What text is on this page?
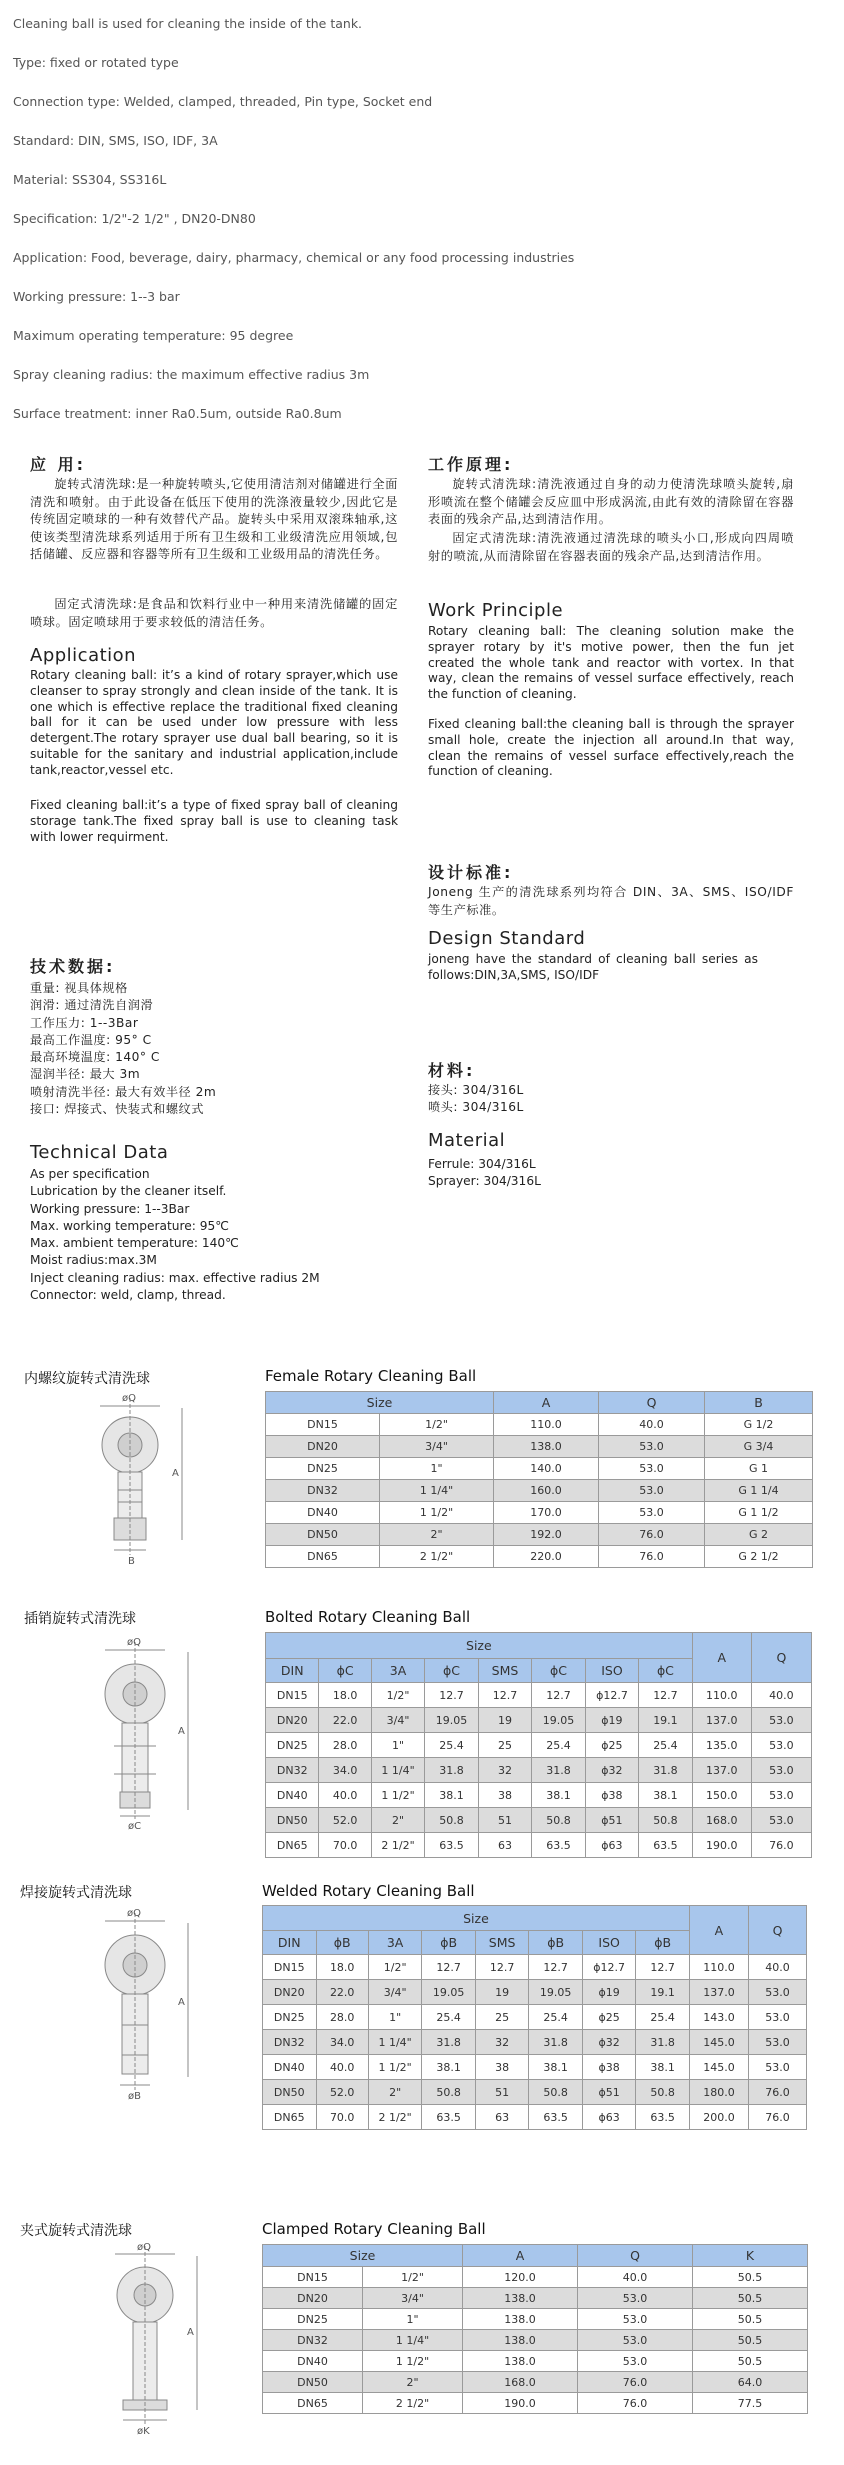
Cleaning ball is used for cleaning the inside of the tank.
Type: fixed or rotated type
Connection type: Welded, clamped, threaded, Pin type, Socket end
Standard: DIN, SMS, ISO, IDF, 3A
Material: SS304, SS316L
Specification: 1/2"-2 1/2" , DN20-DN80
Application: Food, beverage, dairy, pharmacy, chemical or any food processing industries
Working pressure: 1--3 bar
Maximum operating temperature: 95 degree
Spray cleaning radius: the maximum effective radius 3m
Surface treatment: inner Ra0.5um, outside Ra0.8um
应 用:
旋转式清洗球:是一种旋转喷头,它使用清洁剂对储罐进行全面清洗和喷射。由于此设备在低压下使用的洗涤液量较少,因此它是传统固定喷球的一种有效替代产品。旋转头中采用双滚珠轴承,这使该类型清洗球系列适用于所有卫生级和工业级清洗应用领域,包括储罐、反应器和容器等所有卫生级和工业级用品的清洗任务。
固定式清洗球:是食品和饮料行业中一种用来清洗储罐的固定喷球。固定喷球用于要求较低的清洁任务。
Application
Rotary cleaning ball: it’s a kind of rotary sprayer,which use cleanser to spray strongly and clean inside of the tank. It is one which is effective replace the traditional fixed cleaning ball for it can be used under low pressure with less detergent.The rotary sprayer use dual ball bearing, so it is suitable for the sanitary and industrial application,include tank,reactor,vessel etc.
Fixed cleaning ball:it’s a type of fixed spray ball of cleaning storage tank.The fixed spray ball is use to cleaning task with lower requirment.
技术数据:
重量: 视具体规格
润滑: 通过清洗自润滑
工作压力: 1--3Bar
最高工作温度: 95° C
最高环境温度: 140° C
湿润半径: 最大 3m
喷射清洗半径: 最大有效半径 2m
接口: 焊接式、快装式和螺纹式
Technical Data
As per specification
Lubrication by the cleaner itself.
Working pressure: 1--3Bar
Max. working temperature: 95℃
Max. ambient temperature: 140℃
Moist radius:max.3M
Inject cleaning radius: max. effective radius 2M
Connector: weld, clamp, thread.
工作原理:
旋转式清洗球:清洗液通过自身的动力使清洗球喷头旋转,扇形喷流在整个储罐会反应皿中形成涡流,由此有效的清除留在容器表面的残余产品,达到清洁作用。
固定式清洗球:清洗液通过清洗球的喷头小口,形成向四周喷射的喷流,从而清除留在容器表面的残余产品,达到清洁作用。
Work Principle
Rotary cleaning ball: The cleaning solution make the sprayer rotary by it's motive power, then the fun jet created the whole tank and reactor with vortex. In that way, clean the remains of vessel surface effectively, reach the function of cleaning.
Fixed cleaning ball:the cleaning ball is through the sprayer small hole, create the injection all around.In that way, clean the remains of vessel surface effectively,reach the function of cleaning.
设计标准:
Joneng 生产的清洗球系列均符合 DIN、3A、SMS、ISO/IDF 等生产标准。
Design Standard
joneng have the standard of cleaning ball series as follows:DIN,3A,SMS, ISO/IDF
材料:
接头: 304/316L
喷头: 304/316L
Material
Ferrule: 304/316L
Sprayer: 304/316L
内螺纹旋转式清洗球	Female Rotary Cleaning Ball
øQ
A
B
Size		A	Q	B
DN15	1/2"	110.0	40.0	G 1/2
DN20	3/4"	138.0	53.0	G 3/4
DN25	1"	140.0	53.0	G 1
DN32	1 1/4"	160.0	53.0	G 1 1/4
DN40	1 1/2"	170.0	53.0	G 1 1/2
DN50	2"	192.0	76.0	G 2
DN65	2 1/2"	220.0	76.0	G 2 1/2
插销旋转式清洗球	Bolted Rotary Cleaning Ball
øQ
A
øC
Size								A	Q
DIN	ϕC	3A	ϕC	SMS	ϕC	ISO	ϕC		
DN15	18.0	1/2"	12.7	12.7	12.7	ϕ12.7	12.7	110.0	40.0
DN20	22.0	3/4"	19.05	19	19.05	ϕ19	19.1	137.0	53.0
DN25	28.0	1"	25.4	25	25.4	ϕ25	25.4	135.0	53.0
DN32	34.0	1 1/4"	31.8	32	31.8	ϕ32	31.8	137.0	53.0
DN40	40.0	1 1/2"	38.1	38	38.1	ϕ38	38.1	150.0	53.0
DN50	52.0	2"	50.8	51	50.8	ϕ51	50.8	168.0	53.0
DN65	70.0	2 1/2"	63.5	63	63.5	ϕ63	63.5	190.0	76.0
焊接旋转式清洗球	Welded Rotary Cleaning Ball
øQ
A
øB
Size								A	Q
DIN	ϕB	3A	ϕB	SMS	ϕB	ISO	ϕB		
DN15	18.0	1/2"	12.7	12.7	12.7	ϕ12.7	12.7	110.0	40.0
DN20	22.0	3/4"	19.05	19	19.05	ϕ19	19.1	137.0	53.0
DN25	28.0	1"	25.4	25	25.4	ϕ25	25.4	143.0	53.0
DN32	34.0	1 1/4"	31.8	32	31.8	ϕ32	31.8	145.0	53.0
DN40	40.0	1 1/2"	38.1	38	38.1	ϕ38	38.1	145.0	53.0
DN50	52.0	2"	50.8	51	50.8	ϕ51	50.8	180.0	76.0
DN65	70.0	2 1/2"	63.5	63	63.5	ϕ63	63.5	200.0	76.0
夹式旋转式清洗球	Clamped Rotary Cleaning Ball
øQ
A
øK
Size		A	Q	K
DN15	1/2"	120.0	40.0	50.5
DN20	3/4"	138.0	53.0	50.5
DN25	1"	138.0	53.0	50.5
DN32	1 1/4"	138.0	53.0	50.5
DN40	1 1/2"	138.0	53.0	50.5
DN50	2"	168.0	76.0	64.0
DN65	2 1/2"	190.0	76.0	77.5
